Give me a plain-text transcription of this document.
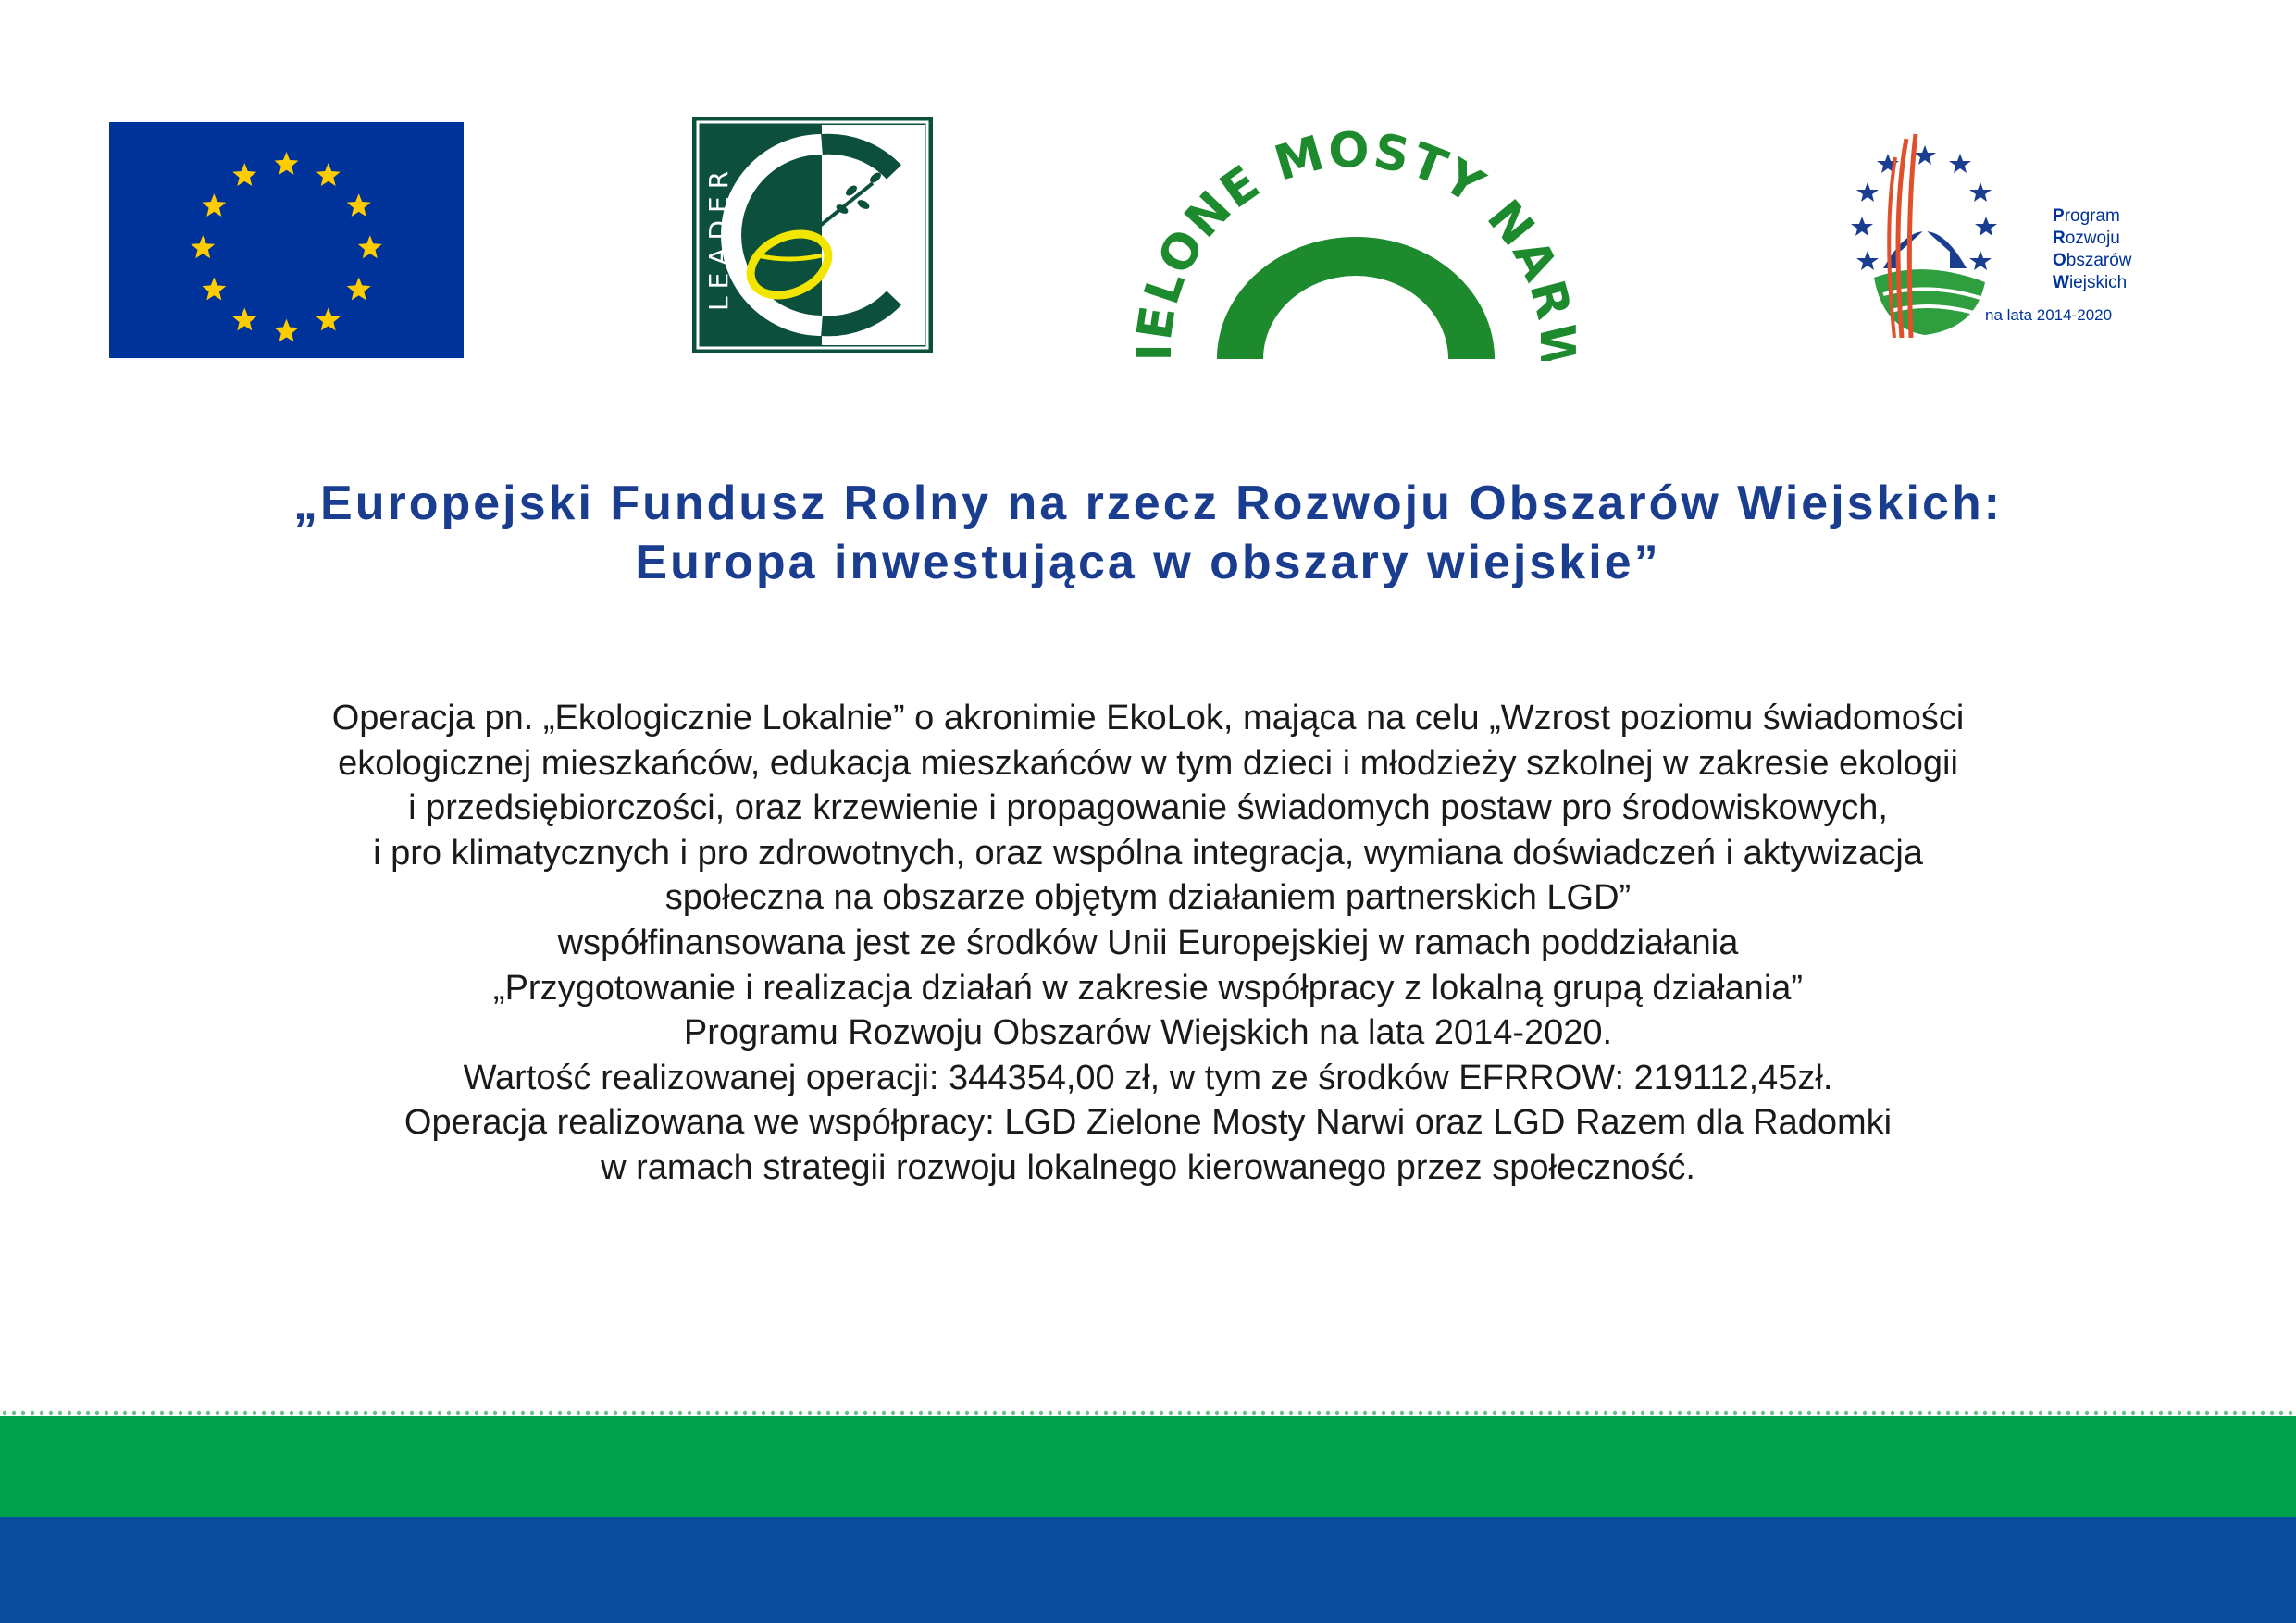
LEADER	LONE MOSTY NAR
Program
Rozwoju
Obszarów
Wiejskich
na lata 2014-2020
„Europejski Fundusz Rolny na rzecz Rozwoju Obszarów Wiejskich:
Europa inwestująca w obszary wiejskie”
Operacja pn. „Ekologicznie Lokalnie” o akronimie EkoLok, mająca na celu „Wzrost poziomu świadomości
ekologicznej mieszkańców, edukacja mieszkańców w tym dzieci i młodzieży szkolnej w zakresie ekologii
i przedsiębiorczości, oraz krzewienie i propagowanie świadomych postaw pro środowiskowych,
i pro klimatycznych i pro zdrowotnych, oraz wspólna integracja, wymiana doświadczeń i aktywizacja
społeczna na obszarze objętym działaniem partnerskich LGD”
współfinansowana jest ze środków Unii Europejskiej w ramach poddziałania
„Przygotowanie i realizacja działań w zakresie współpracy z lokalną grupą działania”
Programu Rozwoju Obszarów Wiejskich na lata 2014-2020.
Wartość realizowanej operacji: 344354,00 zł, w tym ze środków EFRROW: 219112,45zł.
Operacja realizowana we współpracy: LGD Zielone Mosty Narwi oraz LGD Razem dla Radomki
w ramach strategii rozwoju lokalnego kierowanego przez społeczność.
